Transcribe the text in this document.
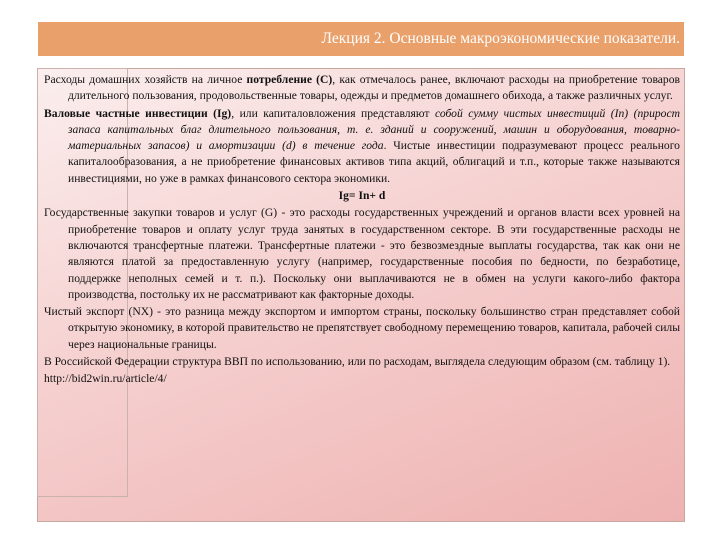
Лекция 2. Основные макроэкономические показатели.

Расходы домашних хозяйств на личное потребление (С), как отмечалось ранее, включают расходы на приобретение товаров длительного пользования, продовольственные товары, одежды и предметов домашнего обихода, а также различных услуг.

Валовые частные инвестиции (Ig), или капиталовложения представляют собой сумму чистых инвестиций (In) (прирост запаса капитальных благ длительного пользования, т. е. зданий и сооружений, машин и оборудования, товарно-материальных запасов) и амортизации (d) в течение года. Чистые инвестиции подразумевают процесс реального капиталообразования, а не приобретение финансовых активов типа акций, облигаций и т.п., которые также называются инвестициями, но уже в рамках финансового сектора экономики.

Ig= In+ d

Государственные закупки товаров и услуг (G) - это расходы государственных учреждений и органов власти всех уровней на приобретение товаров и оплату услуг труда занятых в государственном секторе. В эти государственные расходы не включаются трансфертные платежи. Трансфертные платежи - это безвозмездные выплаты государства, так как они не являются платой за предоставленную услугу (например, государственные пособия по бедности, по безработице, поддержке неполных семей и т. п.). Поскольку они выплачиваются не в обмен на услуги какого-либо фактора производства, постольку их не рассматривают как факторные доходы.

Чистый экспорт (NX) - это разница между экспортом и импортом страны, поскольку большинство стран представляет собой открытую экономику, в которой правительство не препятствует свободному перемещению товаров, капитала, рабочей силы через национальные границы.

В Российской Федерации структура ВВП по использованию, или по расходам, выглядела следующим образом (см. таблицу 1).

http://bid2win.ru/article/4/
